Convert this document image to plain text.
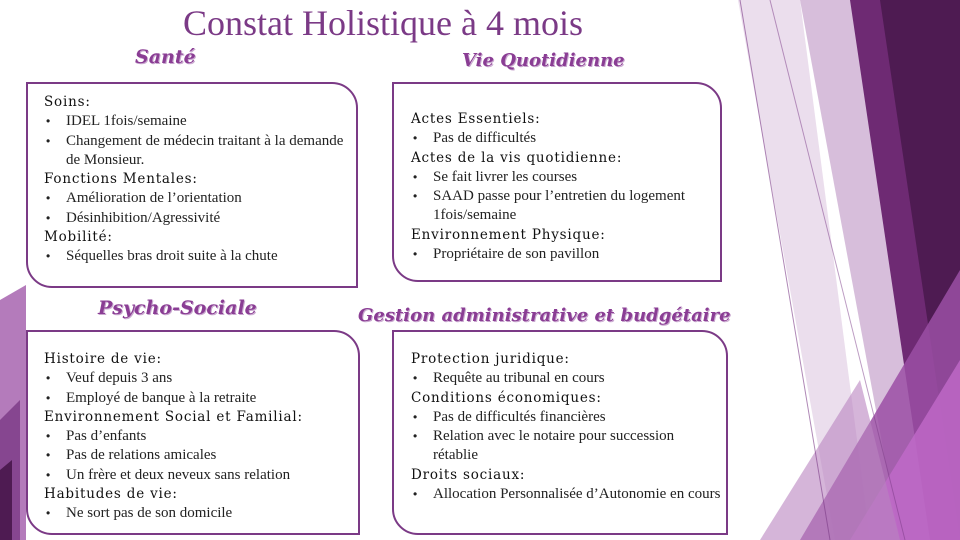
Constat Holistique à 4 mois
Santé	Vie Quotidienne
Psycho-Sociale	Gestion administrative et budgétaire
Soins:
• IDEL 1fois/semaine
• Changement de médecin traitant à la demande de Monsieur.
Fonctions Mentales:
• Amélioration de l’orientation
• Désinhibition/Agressivité
Mobilité:
• Séquelles bras droit suite à la chute
Actes Essentiels:
• Pas de difficultés
Actes de la vis quotidienne:
• Se fait livrer les courses
• SAAD passe pour l’entretien du logement 1fois/semaine
Environnement Physique:
• Propriétaire de son pavillon
Histoire de vie:
• Veuf depuis 3 ans
• Employé de banque à la retraite
Environnement Social et Familial:
• Pas d’enfants
• Pas de relations amicales
• Un frère et deux neveux sans relation
Habitudes de vie:
• Ne sort pas de son domicile
Protection juridique:
• Requête au tribunal en cours
Conditions économiques:
• Pas de difficultés financières
• Relation avec le notaire pour succession rétablie
Droits sociaux:
• Allocation Personnalisée d’Autonomie en cours
